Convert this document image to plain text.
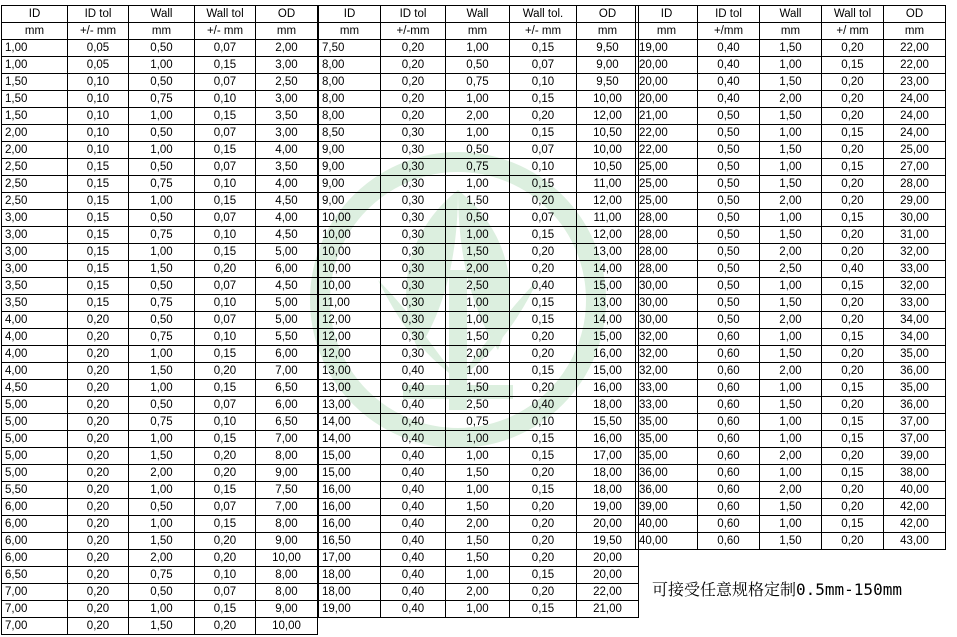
ID	ID tol	Wall	Wall tol	OD
mm	+/- mm	mm	+/- mm	mm
1,00	0,05	0,50	0,07	2,00
1,00	0,05	1,00	0,15	3,00
1,50	0,10	0,50	0,07	2,50
1,50	0,10	0,75	0,10	3,00
1,50	0,10	1,00	0,15	3,50
2,00	0,10	0,50	0,07	3,00
2,00	0,10	1,00	0,15	4,00
2,50	0,15	0,50	0,07	3,50
2,50	0,15	0,75	0,10	4,00
2,50	0,15	1,00	0,15	4,50
3,00	0,15	0,50	0,07	4,00
3,00	0,15	0,75	0,10	4,50
3,00	0,15	1,00	0,15	5,00
3,00	0,15	1,50	0,20	6,00
3,50	0,15	0,50	0,07	4,50
3,50	0,15	0,75	0,10	5,00
4,00	0,20	0,50	0,07	5,00
4,00	0,20	0,75	0,10	5,50
4,00	0,20	1,00	0,15	6,00
4,00	0,20	1,50	0,20	7,00
4,50	0,20	1,00	0,15	6,50
5,00	0,20	0,50	0,07	6,00
5,00	0,20	0,75	0,10	6,50
5,00	0,20	1,00	0,15	7,00
5,00	0,20	1,50	0,20	8,00
5,00	0,20	2,00	0,20	9,00
5,50	0,20	1,00	0,15	7,50
6,00	0,20	0,50	0,07	7,00
6,00	0,20	1,00	0,15	8,00
6,00	0,20	1,50	0,20	9,00
6,00	0,20	2,00	0,20	10,00
6,50	0,20	0,75	0,10	8,00
7,00	0,20	0,50	0,07	8,00
7,00	0,20	1,00	0,15	9,00
7,00	0,20	1,50	0,20	10,00
ID	ID tol	Wall	Wall tol.	OD
mm	+/-mm	mm	+/- mm	mm
7,50	0,20	1,00	0,15	9,50
8,00	0,20	0,50	0,07	9,00
8,00	0,20	0,75	0,10	9,50
8,00	0,20	1,00	0,15	10,00
8,00	0,20	2,00	0,20	12,00
8,50	0,30	1,00	0,15	10,50
9,00	0,30	0,50	0,07	10,00
9,00	0,30	0,75	0,10	10,50
9,00	0,30	1,00	0,15	11,00
9,00	0,30	1,50	0,20	12,00
10,00	0,30	0,50	0,07	11,00
10,00	0,30	1,00	0,15	12,00
10,00	0,30	1,50	0,20	13,00
10,00	0,30	2,00	0,20	14,00
10,00	0,30	2,50	0,40	15,00
11,00	0,30	1,00	0,15	13,00
12,00	0,30	1,00	0,15	14,00
12,00	0,30	1,50	0,20	15,00
12,00	0,30	2,00	0,20	16,00
13,00	0,40	1,00	0,15	15,00
13,00	0,40	1,50	0,20	16,00
13,00	0,40	2,50	0,40	18,00
14,00	0,40	0,75	0,10	15,50
14,00	0,40	1,00	0,15	16,00
15,00	0,40	1,00	0,15	17,00
15,00	0,40	1,50	0,20	18,00
16,00	0,40	1,00	0,15	18,00
16,00	0,40	1,50	0,20	19,00
16,00	0,40	2,00	0,20	20,00
16,50	0,40	1,50	0,20	19,50
17,00	0,40	1,50	0,20	20,00
18,00	0,40	1,00	0,15	20,00
18,00	0,40	2,00	0,20	22,00
19,00	0,40	1,00	0,15	21,00
ID	ID tol	Wall	Wall tol	OD
mm	+/mm	mm	+/ mm	mm
19,00	0,40	1,50	0,20	22,00
20,00	0,40	1,00	0,15	22,00
20,00	0,40	1,50	0,20	23,00
20,00	0,40	2,00	0,20	24,00
21,00	0,50	1,50	0,20	24,00
22,00	0,50	1,00	0,15	24,00
22,00	0,50	1,50	0,20	25,00
25,00	0,50	1,00	0,15	27,00
25,00	0,50	1,50	0,20	28,00
25,00	0,50	2,00	0,20	29,00
28,00	0,50	1,00	0,15	30,00
28,00	0,50	1,50	0,20	31,00
28,00	0,50	2,00	0,20	32,00
28,00	0,50	2,50	0,40	33,00
30,00	0,50	1,00	0,15	32,00
30,00	0,50	1,50	0,20	33,00
30,00	0,50	2,00	0,20	34,00
32,00	0,60	1,00	0,15	34,00
32,00	0,60	1,50	0,20	35,00
32,00	0,60	2,00	0,20	36,00
33,00	0,60	1,00	0,15	35,00
33,00	0,60	1,50	0,20	36,00
35,00	0,60	1,00	0,15	37,00
35,00	0,60	1,00	0,15	37,00
35,00	0,60	2,00	0,20	39,00
36,00	0,60	1,00	0,15	38,00
36,00	0,60	2,00	0,20	40,00
39,00	0,60	1,50	0,20	42,00
40,00	0,60	1,00	0,15	42,00
40,00	0,60	1,50	0,20	43,00
可接受任意规格定制0.5mm-150mm
